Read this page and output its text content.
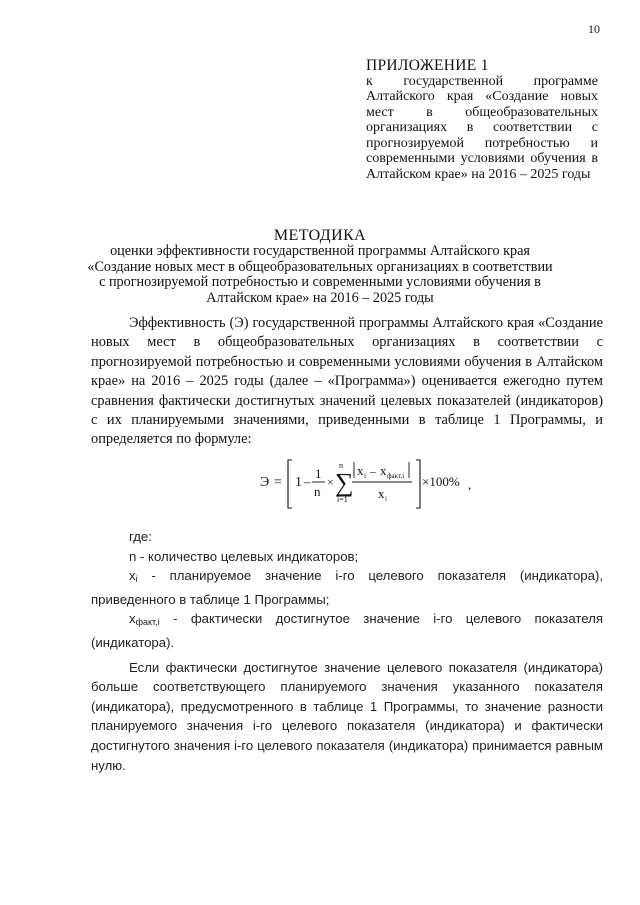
10
ПРИЛОЖЕНИЕ 1
к государственной программе Алтайского края «Создание новых мест в общеобразовательных организациях в соответствии с прогнозируемой потребностью и современными условиями обучения в Алтайском крае» на 2016 – 2025 годы
МЕТОДИКА
оценки эффективности государственной программы Алтайского края
«Создание новых мест в общеобразовательных организациях в соответствии
с прогнозируемой потребностью и современными условиями обучения в
Алтайском крае» на 2016 – 2025 годы

Эффективность (Э) государственной программы Алтайского края «Создание новых мест в общеобразовательных организациях в соответствии с прогнозируемой потребностью и современными условиями обучения в Алтайском крае» на 2016 – 2025 годы (далее – «Программа») оценивается ежегодно путем сравнения фактически достигнутых значений целевых показателей (индикаторов) с их планируемыми значениями, приведенными в таблице 1 Программы, и определяется по формуле:

Э = 1 –
1
n
×
n
∑
i=1
x i – x факт,i
x i
×100% ,

где:

n - количество целевых индикаторов;

$x_i$ - планируемое значение i-го целевого показателя (индикатора), приведенного в таблице 1 Программы;

$x_{факт,i}$ - фактически достигнутое значение i-го целевого показателя (индикатора).

Если фактически достигнутое значение целевого показателя (индикатора) больше соответствующего планируемого значения указанного показателя (индикатора), предусмотренного в таблице 1 Программы, то значение разности планируемого значения i-го целевого показателя (индикатора) и фактически достигнутого значения i-го целевого показателя (индикатора) принимается равным нулю.
